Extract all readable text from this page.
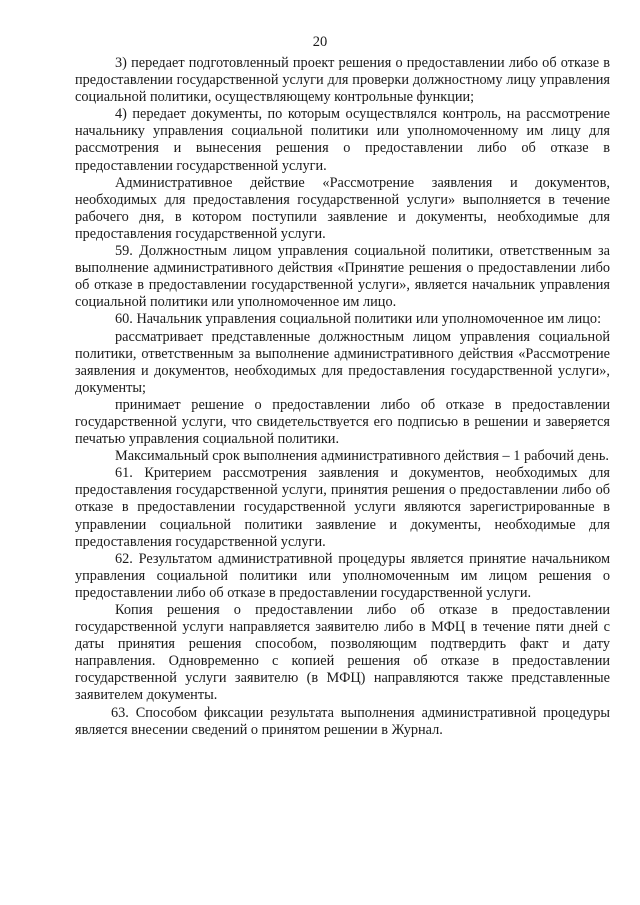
20

3) передает подготовленный проект решения о предоставлении либо об отказе в предоставлении государственной услуги для проверки должностному лицу управления социальной политики, осуществляющему контрольные функции;

4) передает документы, по которым осуществлялся контроль, на рассмотрение начальнику управления социальной политики или уполномоченному им лицу для рассмотрения и вынесения решения о предоставлении либо об отказе в предоставлении государственной услуги.

Административное действие «Рассмотрение заявления и документов, необходимых для предоставления государственной услуги» выполняется в течение рабочего дня, в котором поступили заявление и документы, необходимые для предоставления государственной услуги.

59. Должностным лицом управления социальной политики, ответственным за выполнение административного действия «Принятие решения о предоставлении либо об отказе в предоставлении государственной услуги», является начальник управления социальной политики или уполномоченное им лицо.

60. Начальник управления социальной политики или уполномоченное им лицо:

рассматривает представленные должностным лицом управления социальной политики, ответственным за выполнение административного действия «Рассмотрение заявления и документов, необходимых для предоставления государственной услуги», документы;

принимает решение о предоставлении либо об отказе в предоставлении государственной услуги, что свидетельствуется его подписью в решении и заверяется печатью управления социальной политики.

Максимальный срок выполнения административного действия – 1 рабочий день.

61. Критерием рассмотрения заявления и документов, необходимых для предоставления государственной услуги, принятия решения о предоставлении либо об отказе в предоставлении государственной услуги являются зарегистрированные в управлении социальной политики заявление и документы, необходимые для предоставления государственной услуги.

62. Результатом административной процедуры является принятие начальником управления социальной политики или уполномоченным им лицом решения о предоставлении либо об отказе в предоставлении государственной услуги.

Копия решения о предоставлении либо об отказе в предоставлении государственной услуги направляется заявителю либо в МФЦ в течение пяти дней с даты принятия решения способом, позволяющим подтвердить факт и дату направления. Одновременно с копией решения об отказе в предоставлении государственной услуги заявителю (в МФЦ) направляются также представленные заявителем документы.

63. Способом фиксации результата выполнения административной процедуры является внесении сведений о принятом решении в Журнал.
